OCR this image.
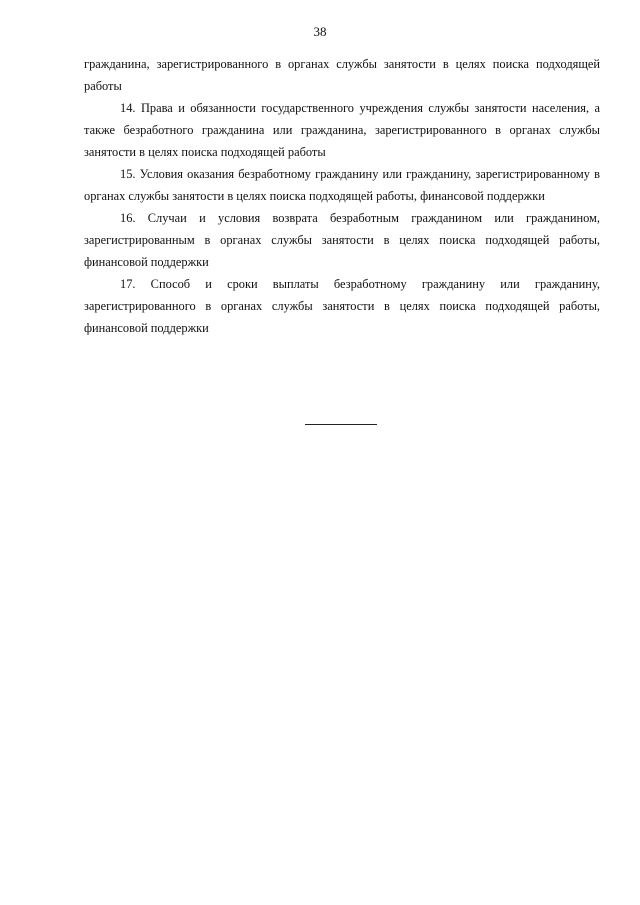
38

гражданина, зарегистрированного в органах службы занятости в целях поиска подходящей работы

14. Права и обязанности государственного учреждения службы занятости населения, а также безработного гражданина или гражданина, зарегистрированного в органах службы занятости в целях поиска подходящей работы

15. Условия оказания безработному гражданину или гражданину, зарегистрированному в органах службы занятости в целях поиска подходящей работы, финансовой поддержки

16. Случаи и условия возврата безработным гражданином или гражданином, зарегистрированным в органах службы занятости в целях поиска подходящей работы, финансовой поддержки

17. Способ и сроки выплаты безработному гражданину или гражданину, зарегистрированного в органах службы занятости в целях поиска подходящей работы, финансовой поддержки
